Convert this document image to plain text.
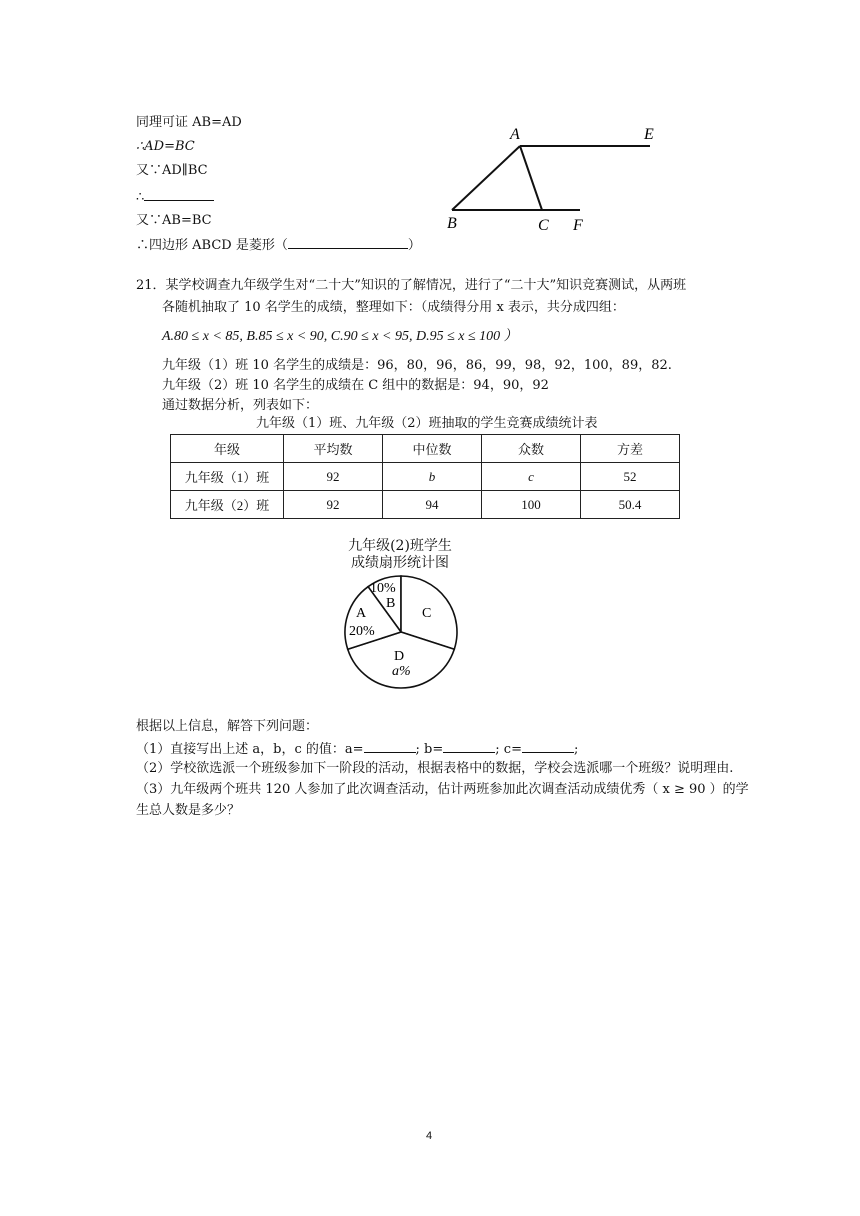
同理可证 AB=AD
∴AD=BC
又∵AD∥BC
∴
又∵AB=BC
∴四边形 ABCD 是菱形（	）
A	E
B	C F
21．某学校调查九年级学生对“二十大”知识的了解情况，进行了“二十大”知识竞赛测试，从两班
各随机抽取了 10 名学生的成绩，整理如下：（成绩得分用 x 表示，共分成四组：
A.80 ≤ x < 85, B.85 ≤ x < 90, C.90 ≤ x < 95, D.95 ≤ x ≤ 100 ）
九年级（1）班 10 名学生的成绩是：96，80，96，86，99，98，92，100，89，82.
九年级（2）班 10 名学生的成绩在 C 组中的数据是：94，90，92
通过数据分析，列表如下：
九年级（1）班、九年级（2）班抽取的学生竞赛成绩统计表
年级	平均数	中位数	众数	方差
九年级（1）班	92	b	c	52
九年级（2）班	92	94	100	50.4
九年级(2)班学生
成绩扇形统计图
10%
B
A
20%
C
D
a%
根据以上信息，解答下列问题：
（1）直接写出上述 a，b，c 的值：a=	; b=	; c=	;
（2）学校欲选派一个班级参加下一阶段的活动，根据表格中的数据，学校会选派哪一个班级？说明理由.
（3）九年级两个班共 120 人参加了此次调查活动，估计两班参加此次调查活动成绩优秀（ x ≥ 90 ）的学
生总人数是多少？
4
